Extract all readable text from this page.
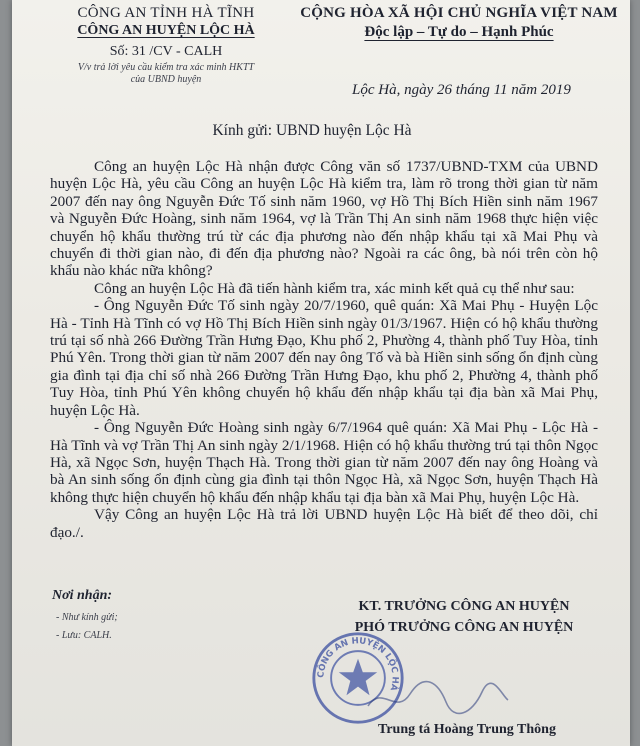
CÔNG AN TỈNH HÀ TĨNH
CÔNG AN HUYỆN LỘC HÀ
Số: 31 /CV - CALH
V/v trả lời yêu cầu kiểm tra xác minh HKTT
của UBND huyện
CỘNG HÒA XÃ HỘI CHỦ NGHĨA VIỆT NAM
Độc lập – Tự do – Hạnh Phúc
Lộc Hà, ngày 26 tháng 11 năm 2019
Kính gửi: UBND huyện Lộc Hà

Công an huyện Lộc Hà nhận được Công văn số 1737/UBND-TXM của UBND huyện Lộc Hà, yêu cầu Công an huyện Lộc Hà kiểm tra, làm rõ trong thời gian từ năm 2007 đến nay ông Nguyễn Đức Tố sinh năm 1960, vợ Hồ Thị Bích Hiền sinh năm 1967 và Nguyễn Đức Hoàng, sinh năm 1964, vợ là Trần Thị An sinh năm 1968 thực hiện việc chuyển hộ khẩu thường trú từ các địa phương nào đến nhập khẩu tại xã Mai Phụ và chuyển đi thời gian nào, đi đến địa phương nào? Ngoài ra các ông, bà nói trên còn hộ khẩu nào khác nữa không?

Công an huyện Lộc Hà đã tiến hành kiểm tra, xác minh kết quả cụ thể như sau:

- Ông Nguyễn Đức Tố sinh ngày 20/7/1960, quê quán: Xã Mai Phụ - Huyện Lộc Hà - Tỉnh Hà Tĩnh có vợ Hồ Thị Bích Hiền sinh ngày 01/3/1967. Hiện có hộ khẩu thường trú tại số nhà 266 Đường Trần Hưng Đạo, Khu phố 2, Phường 4, thành phố Tuy Hòa, tỉnh Phú Yên. Trong thời gian từ năm 2007 đến nay ông Tố và bà Hiền sinh sống ổn định cùng gia đình tại địa chỉ số nhà 266 Đường Trần Hưng Đạo, khu phố 2, Phường 4, thành phố Tuy Hòa, tỉnh Phú Yên không chuyển hộ khẩu đến nhập khẩu tại địa bàn xã Mai Phụ, huyện Lộc Hà.

- Ông Nguyễn Đức Hoàng sinh ngày 6/7/1964 quê quán: Xã Mai Phụ - Lộc Hà - Hà Tĩnh và vợ Trần Thị An sinh ngày 2/1/1968. Hiện có hộ khẩu thường trú tại thôn Ngọc Hà, xã Ngọc Sơn, huyện Thạch Hà. Trong thời gian từ năm 2007 đến nay ông Hoàng và bà An sinh sống ổn định cùng gia đình tại thôn Ngọc Hà, xã Ngọc Sơn, huyện Thạch Hà không thực hiện chuyển hộ khẩu đến nhập khẩu tại địa bàn xã Mai Phụ, huyện Lộc Hà.

Vậy Công an huyện Lộc Hà trả lời UBND huyện Lộc Hà biết để theo dõi, chỉ đạo./.

Nơi nhận:
- Như kính gửi;
- Lưu: CALH.
KT. TRƯỞNG CÔNG AN HUYỆN
PHÓ TRƯỞNG CÔNG AN HUYỆN
CÔNG AN HUYỆN LỘC HÀ
Trung tá Hoàng Trung Thông
